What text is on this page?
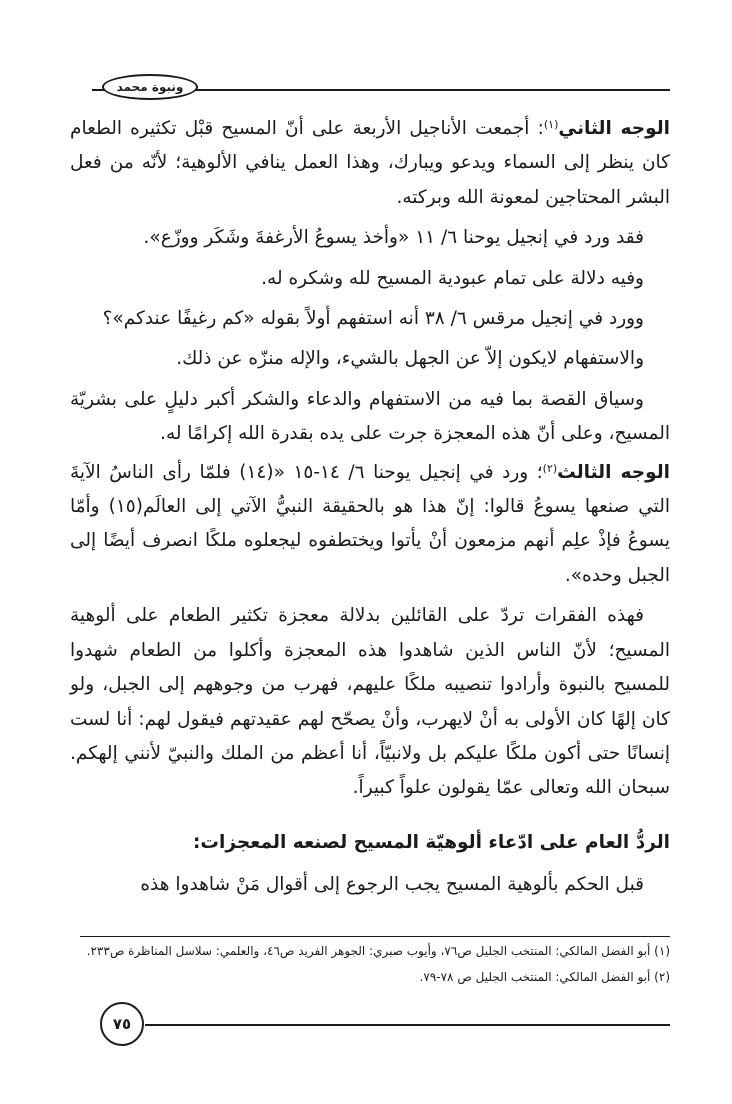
ونبوة محمد

الوجه الثاني$^{(١)}$: أجمعت الأناجيل الأربعة على أنّ المسيح قبْل تكثيره الطعام كان ينظر إلى السماء ويدعو ويبارك، وهذا العمل ينافي الألوهية؛ لأنّه من فعل البشر المحتاجين لمعونة الله وبركته.

فقد ورد في إنجيل يوحنا ٦/ ١١ «وأخذ يسوعُ الأرغفةَ وشَكَر ووزّع».

وفيه دلالة على تمام عبودية المسيح لله وشكره له.

وورد في إنجيل مرقس ٦/ ٣٨ أنه استفهم أولاً بقوله «كم رغيفًا عندكم»؟

والاستفهام لايكون إلاّ عن الجهل بالشيء، والإله منزّه عن ذلك.

وسياق القصة بما فيه من الاستفهام والدعاء والشكر أكبر دليلٍ على بشريّة المسيح، وعلى أنّ هذه المعجزة جرت على يده بقدرة الله إكرامًا له.

الوجه الثالث$^{(٢)}$؛ ورد في إنجيل يوحنا ٦/ ١٤-١٥ «(١٤) فلمّا رأى الناسُ الآيةَ التي صنعها يسوعُ قالوا: إنّ هذا هو بالحقيقة النبيُّ الآتي إلى العالَم(١٥) وأمّا يسوعُ فإذْ علِم أنهم مزمعون أنْ يأتوا ويختطفوه ليجعلوه ملكًا انصرف أيضًا إلى الجبل وحده».

فهذه الفقرات تردّ على القائلين بدلالة معجزة تكثير الطعام على ألوهية المسيح؛ لأنّ الناس الذين شاهدوا هذه المعجزة وأكلوا من الطعام شهدوا للمسيح بالنبوة وأرادوا تنصيبه ملكًا عليهم، فهرب من وجوههم إلى الجبل، ولو كان إلهًا كان الأولى به أنْ لايهرب، وأنْ يصحّح لهم عقيدتهم فيقول لهم: أنا لست إنسانًا حتى أكون ملكًا عليكم بل ولانبيّاً، أنا أعظم من الملك والنبيّ لأنني إلهكم. سبحان الله وتعالى عمّا يقولون علواً كبيراً.

الردُّ العام على ادّعاء ألوهيّة المسيح لصنعه المعجزات:

قبل الحكم بألوهية المسيح يجب الرجوع إلى أقوال مَنْ شاهدوا هذه

(١) أبو الفضل المالكي: المنتخب الجليل ص٧٦، وأيوب صبري: الجوهر الفريد ص٤٦، والعلمي: سلاسل المناظرة ص٢٣٣.

(٢) أبو الفضل المالكي: المنتخب الجليل ص ٧٨-٧٩.

٧٥
